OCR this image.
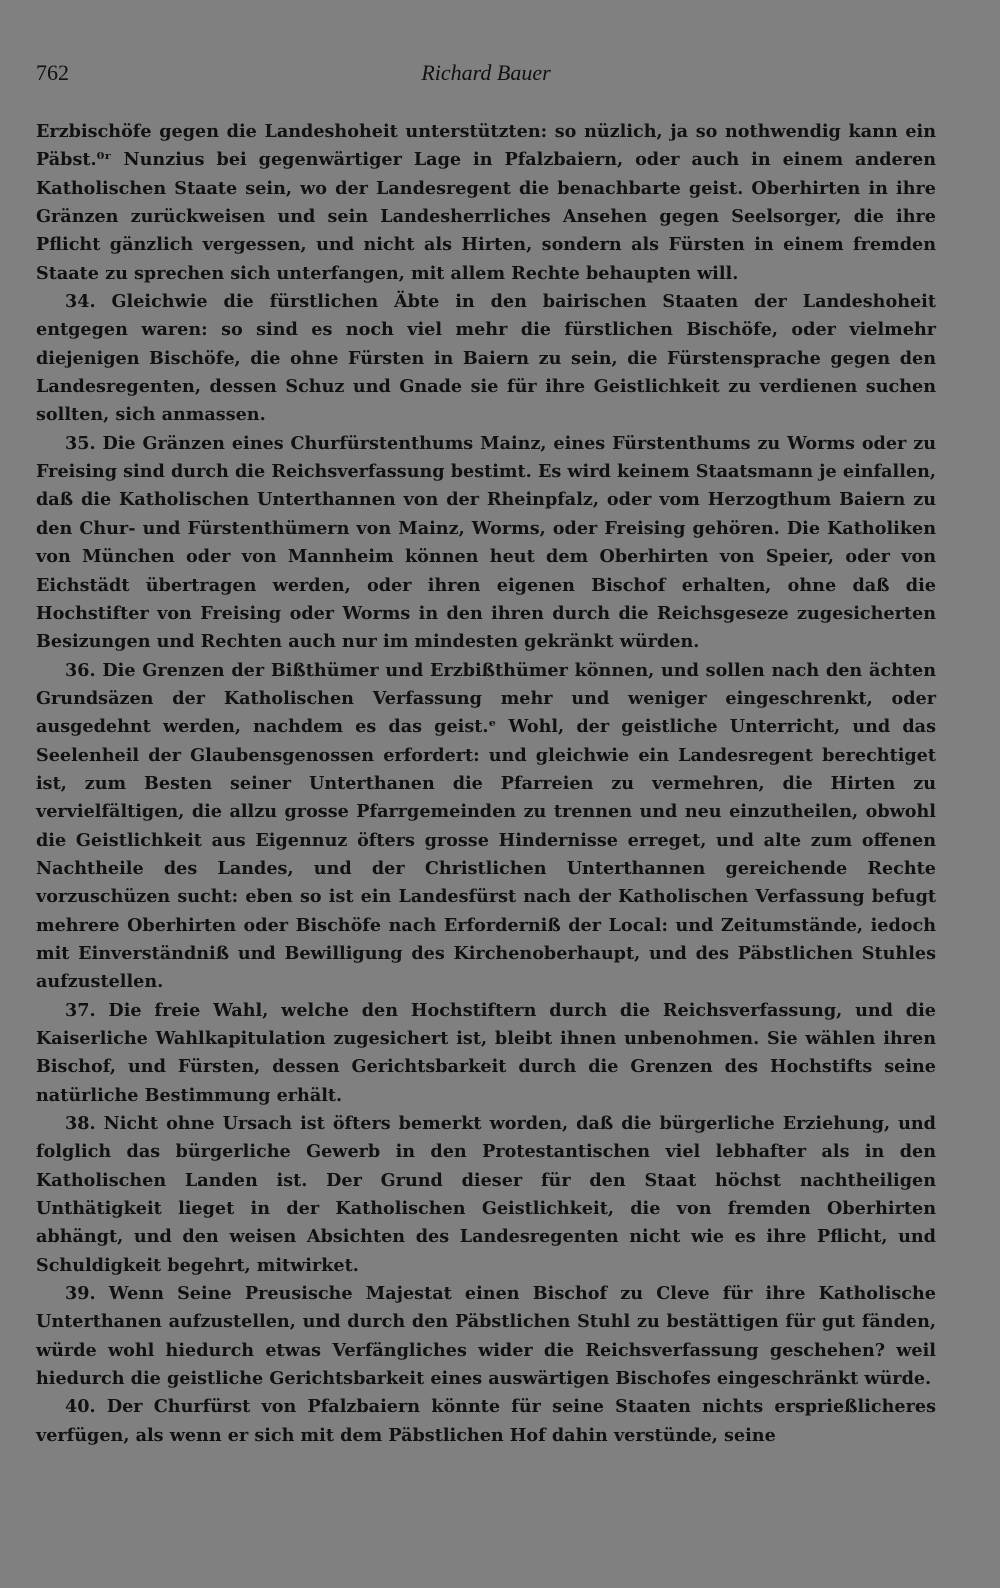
762	Richard Bauer

Erzbischöfe gegen die Landeshoheit unterstützten: so nüzlich, ja so nothwendig kann ein Päbst.⁰ʳ Nunzius bei gegenwärtiger Lage in Pfalzbaiern, oder auch in einem anderen Katholischen Staate sein, wo der Landesregent die benachbarte geist. Oberhirten in ihre Gränzen zurückweisen und sein Landesherrliches Ansehen gegen Seelsorger, die ihre Pflicht gänzlich vergessen, und nicht als Hirten, sondern als Fürsten in einem fremden Staate zu sprechen sich unterfangen, mit allem Rechte behaupten will.

34. Gleichwie die fürstlichen Äbte in den bairischen Staaten der Landeshoheit entgegen waren: so sind es noch viel mehr die fürstlichen Bischöfe, oder vielmehr diejenigen Bischöfe, die ohne Fürsten in Baiern zu sein, die Fürstensprache gegen den Landesregenten, dessen Schuz und Gnade sie für ihre Geistlichkeit zu verdienen suchen sollten, sich anmassen.

35. Die Gränzen eines Churfürstenthums Mainz, eines Fürstenthums zu Worms oder zu Freising sind durch die Reichsverfassung bestimt. Es wird keinem Staatsmann je einfallen, daß die Katholischen Unterthannen von der Rheinpfalz, oder vom Herzogthum Baiern zu den Chur- und Fürstenthümern von Mainz, Worms, oder Freising gehören. Die Katholiken von München oder von Mannheim können heut dem Oberhirten von Speier, oder von Eichstädt übertragen werden, oder ihren eigenen Bischof erhalten, ohne daß die Hochstifter von Freising oder Worms in den ihren durch die Reichsgeseze zugesicherten Besizungen und Rechten auch nur im mindesten gekränkt würden.

36. Die Grenzen der Bißthümer und Erzbißthümer können, und sollen nach den ächten Grundsäzen der Katholischen Verfassung mehr und weniger eingeschrenkt, oder ausgedehnt werden, nachdem es das geist.ᵉ Wohl, der geistliche Unterricht, und das Seelenheil der Glaubensgenossen erfordert: und gleichwie ein Landesregent berechtiget ist, zum Besten seiner Unterthanen die Pfarreien zu vermehren, die Hirten zu vervielfältigen, die allzu grosse Pfarrgemeinden zu trennen und neu einzutheilen, obwohl die Geistlichkeit aus Eigennuz öfters grosse Hindernisse erreget, und alte zum offenen Nachtheile des Landes, und der Christlichen Unterthannen gereichende Rechte vorzuschüzen sucht: eben so ist ein Landesfürst nach der Katholischen Verfassung befugt mehrere Oberhirten oder Bischöfe nach Erforderniß der Local: und Zeitumstände, iedoch mit Einverständniß und Bewilligung des Kirchenoberhaupt, und des Päbstlichen Stuhles aufzustellen.

37. Die freie Wahl, welche den Hochstiftern durch die Reichsverfassung, und die Kaiserliche Wahlkapitulation zugesichert ist, bleibt ihnen unbenohmen. Sie wählen ihren Bischof, und Fürsten, dessen Gerichtsbarkeit durch die Grenzen des Hochstifts seine natürliche Bestimmung erhält.

38. Nicht ohne Ursach ist öfters bemerkt worden, daß die bürgerliche Erziehung, und folglich das bürgerliche Gewerb in den Protestantischen viel lebhafter als in den Katholischen Landen ist. Der Grund dieser für den Staat höchst nachtheiligen Unthätigkeit lieget in der Katholischen Geistlichkeit, die von fremden Oberhirten abhängt, und den weisen Absichten des Landesregenten nicht wie es ihre Pflicht, und Schuldigkeit begehrt, mitwirket.

39. Wenn Seine Preusische Majestat einen Bischof zu Cleve für ihre Katholische Unterthanen aufzustellen, und durch den Päbstlichen Stuhl zu bestättigen für gut fänden, würde wohl hiedurch etwas Verfängliches wider die Reichsverfassung geschehen? weil hiedurch die geistliche Gerichtsbarkeit eines auswärtigen Bischofes eingeschränkt würde.

40. Der Churfürst von Pfalzbaiern könnte für seine Staaten nichts ersprießlicheres verfügen, als wenn er sich mit dem Päbstlichen Hof dahin verstünde, seine
